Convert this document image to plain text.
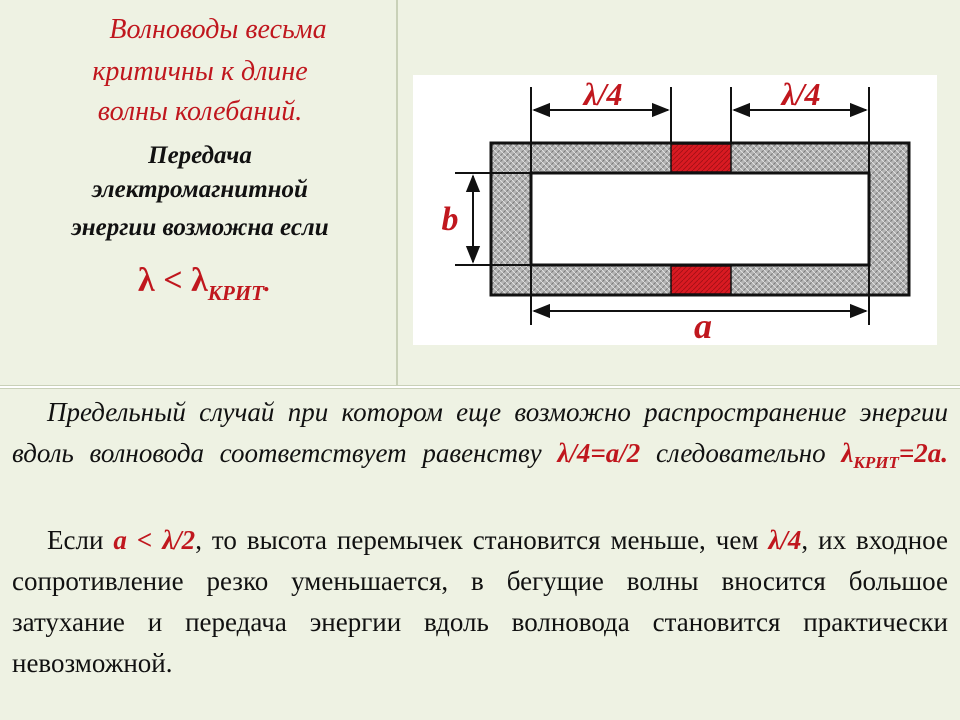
Волноводы весьма
критичны к длине
волны колебаний.
Передача
электромагнитной
энергии возможна если
$\lambda < \lambda_{КРИТ}$.
λ/4	λ/4
b
a
Предельный случай при котором еще возможно распространение энергии вдоль волновода соответствует равенству λ/4=a/2 следовательно $\lambda_{КРИТ}=2a$.
Если a < λ/2, то высота перемычек становится меньше, чем λ/4, их входное сопротивление резко уменьшается, в бегущие волны вносится большое затухание и передача энергии вдоль волновода становится практически невозможной.
